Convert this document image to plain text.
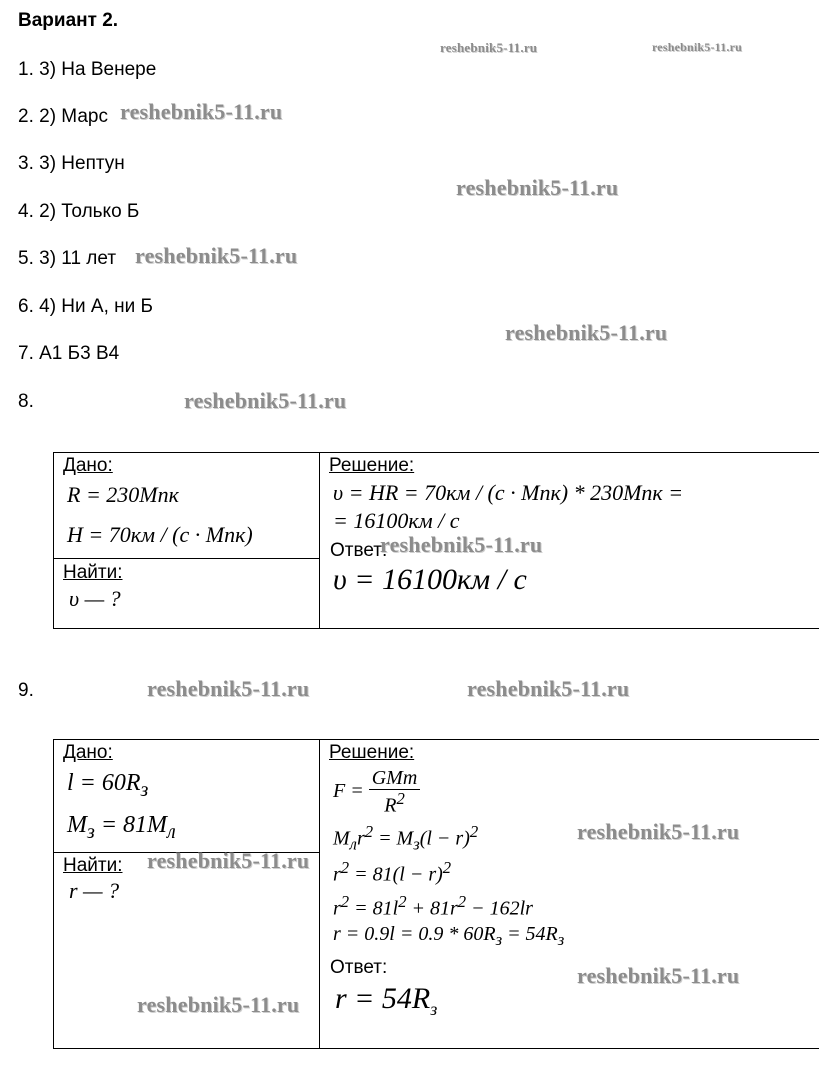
Вариант 2.
1. 3) На Венере
2. 2) Марс
3. 3) Нептун
4. 2) Только Б
5. 3) 11 лет
6. 4) Ни А, ни Б
7. А1 Б3 В4
8.
Дано:
R = 230Мпк
H = 70км / (с · Мпк)
Найти:
υ — ?
Решение:
υ = HR = 70км / (с · Мпк) * 230Мпк =
= 16100км / с
Ответ:
υ = 16100км / с
9.
Дано:
$l = 60R_з$
$M_з = 81M_л$
Найти:
r — ?
Решение:
$F = \frac{\text{GMm}}{R^2}$
$M_лr^2 = M_з(l - r)^2$
$r^2 = 81(l - r)^2$
$r^2 = 81l^2 + 81r^2 - 162lr$
$r = 0.9l = 0.9 * 60R_з = 54R_з$
Ответ:
$r = 54R_з$
reshebnik5-11.ru	reshebnik5-11.ru
reshebnik5-11.ru
reshebnik5-11.ru
reshebnik5-11.ru
reshebnik5-11.ru
reshebnik5-11.ru
reshebnik5-11.ru
reshebnik5-11.ru	reshebnik5-11.ru
reshebnik5-11.ru
reshebnik5-11.ru
reshebnik5-11.ru
reshebnik5-11.ru
